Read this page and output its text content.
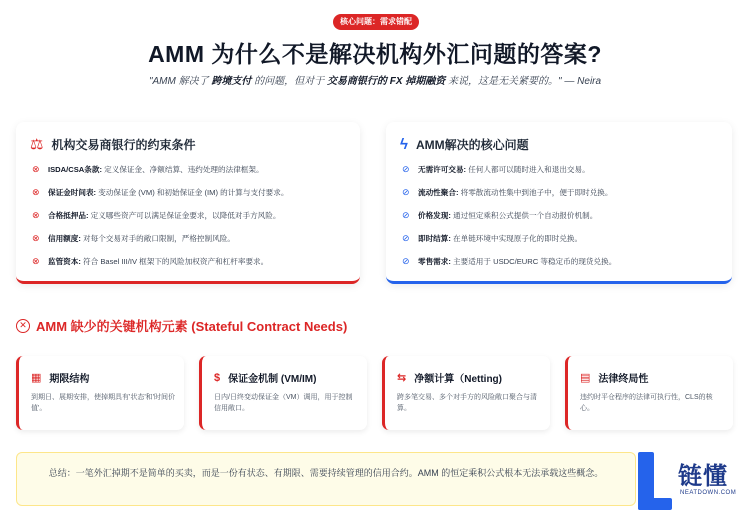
核心问题：需求错配
AMM 为什么不是解决机构外汇问题的答案?
"AMM 解决了 跨境支付 的问题，但对于 交易商银行的 FX 掉期融资 来说，这是无关紧要的。" — Neira
⚖ 机构交易商银行的约束条件
⊗	ISDA/CSA条款: 定义保证金、净额结算、违约处理的法律框架。
⊗	保证金时间表: 变动保证金 (VM) 和初始保证金 (IM) 的计算与支付要求。
⊗	合格抵押品: 定义哪些资产可以满足保证金要求，以降低对手方风险。
⊗	信用额度: 对每个交易对手的敞口限制，严格控制风险。
⊗	监管资本: 符合 Basel III/IV 框架下的风险加权资产和杠杆率要求。
ϟ AMM解决的核心问题
⊘	无需许可交易: 任何人都可以随时进入和退出交易。
⊘	流动性聚合: 将零散流动性集中到池子中，便于即时兑换。
⊘	价格发现: 通过恒定乘积公式提供一个自动报价机制。
⊘	即时结算: 在单链环境中实现原子化的即时兑换。
⊘	零售需求: 主要适用于 USDC/EURC 等稳定币的现货兑换。
✕ AMM 缺少的关键机构元素 (Stateful Contract Needs)
▦ 期限结构
到期日、展期安排，使掉期具有'状态'和'时间价值'。
$ 保证金机制 (VM/IM)
日内/日终变动保证金（VM）调用，用于控制信用敞口。
⇆ 净额计算（Netting)
跨多笔交易、多个对手方的风险敞口聚合与清算。
▤ 法律终局性
违约时平仓程序的法律可执行性，CLS的核心。
总结：一笔外汇掉期不是简单的买卖，而是一份有状态、有期限、需要持续管理的信用合约。AMM 的恒定乘积公式根本无法承载这些概念。	链懂
NEATDOWN.COM
